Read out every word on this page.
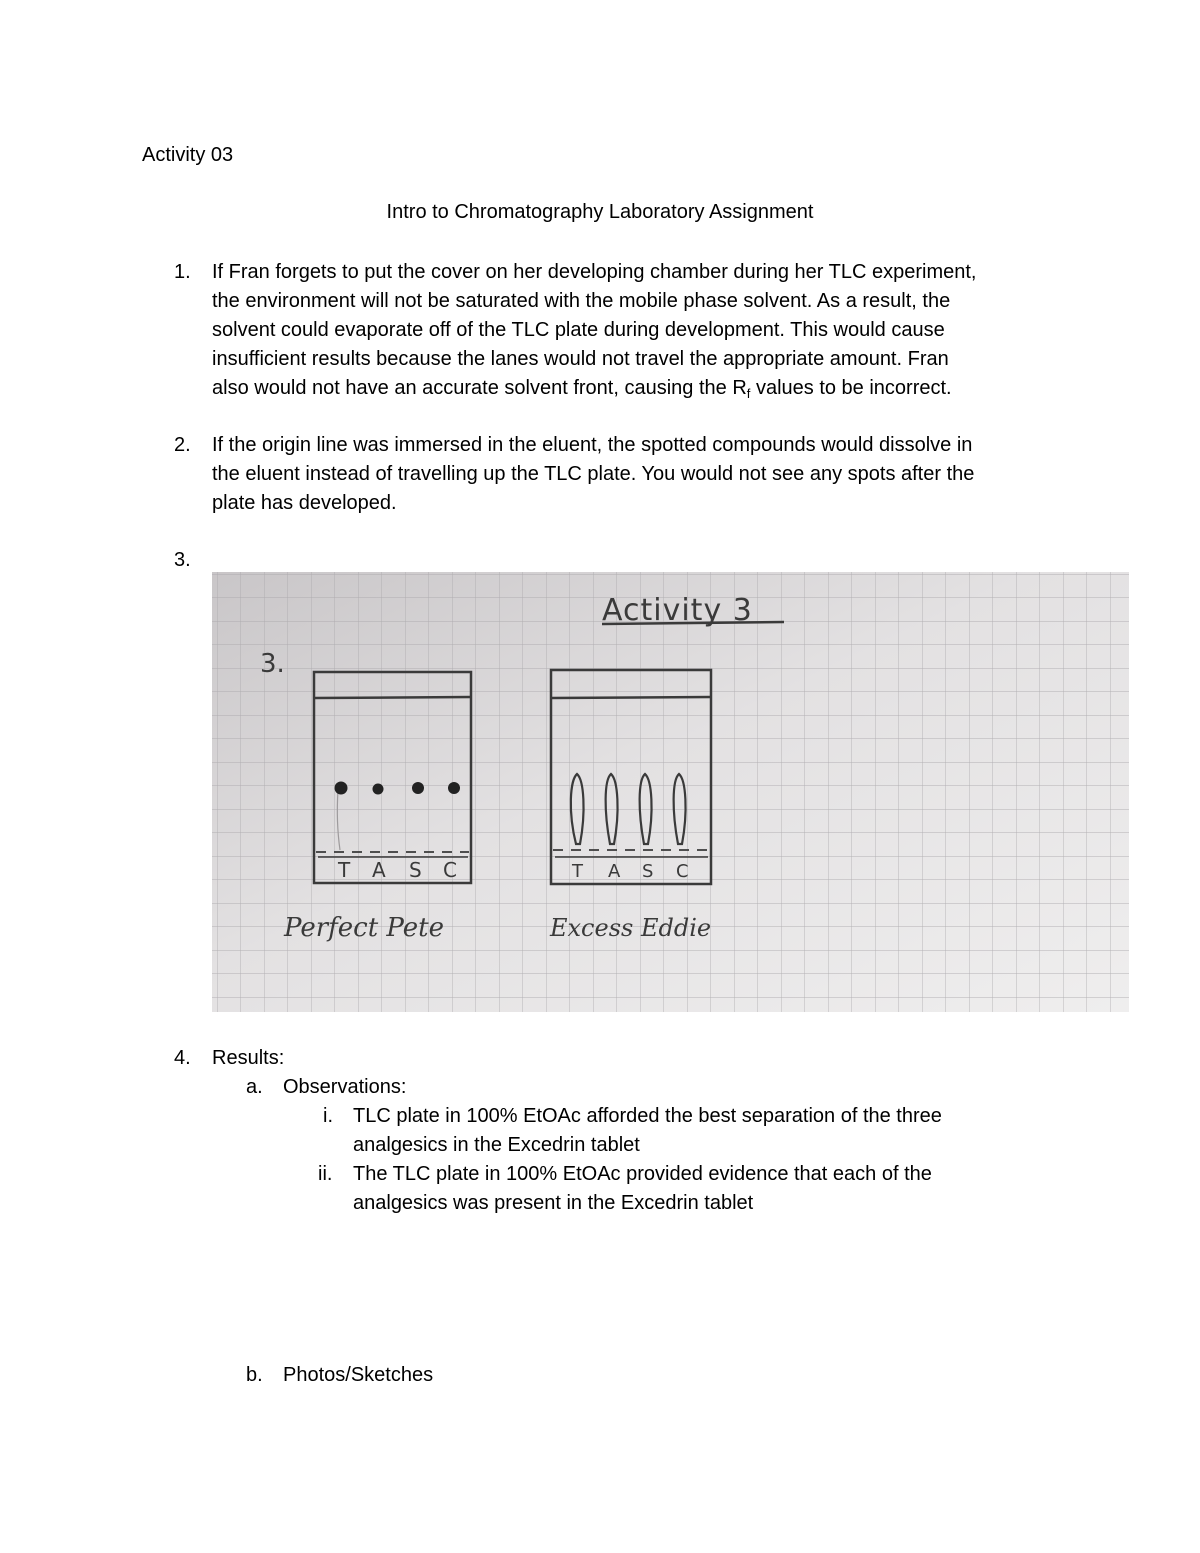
Activity 03
Intro to Chromatography Laboratory Assignment
1. If Fran forgets to put the cover on her developing chamber during her TLC experiment,
the environment will not be saturated with the mobile phase solvent. As a result, the
solvent could evaporate off of the TLC plate during development. This would cause
insufficient results because the lanes would not travel the appropriate amount. Fran
also would not have an accurate solvent front, causing the $R_f$ values to be incorrect.
2. If the origin line was immersed in the eluent, the spotted compounds would dissolve in
the eluent instead of travelling up the TLC plate. You would not see any spots after the
plate has developed.
3.
Activity 3
3.
T A S C	T A S C
Perfect Pete	Excess Eddie
4. Results:
a. Observations:
i. TLC plate in 100% EtOAc afforded the best separation of the three
analgesics in the Excedrin tablet
ii. The TLC plate in 100% EtOAc provided evidence that each of the
analgesics was present in the Excedrin tablet
b. Photos/Sketches
